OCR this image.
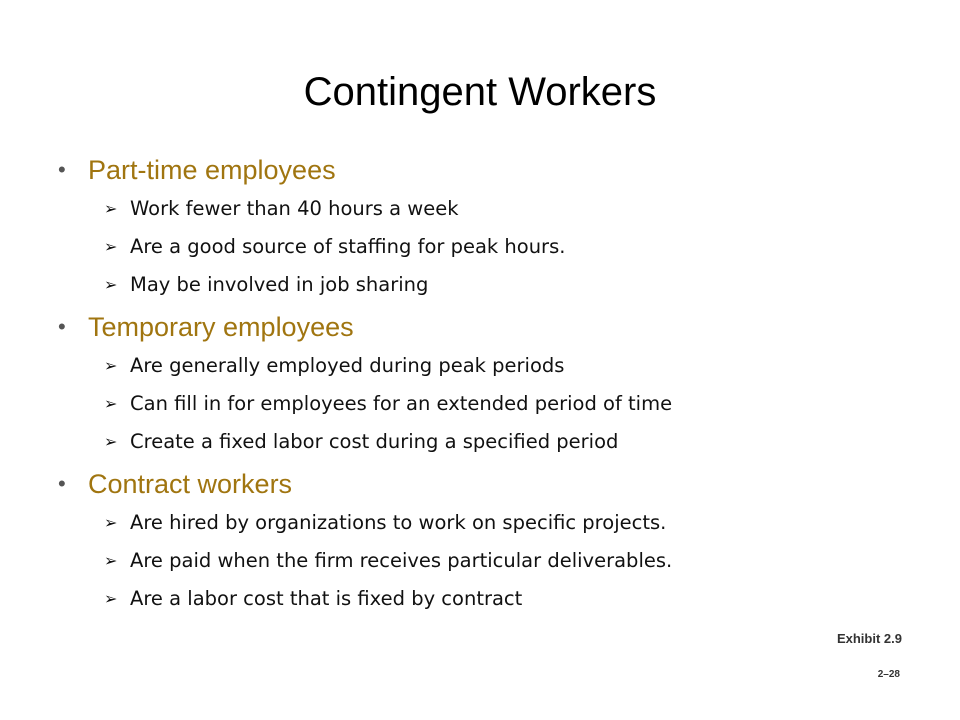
Contingent Workers
• Part-time employees
➢ Work fewer than 40 hours a week
➢ Are a good source of staffing for peak hours.
➢ May be involved in job sharing
• Temporary employees
➢ Are generally employed during peak periods
➢ Can fill in for employees for an extended period of time
➢ Create a fixed labor cost during a specified period
• Contract workers
➢ Are hired by organizations to work on specific projects.
➢ Are paid when the firm receives particular deliverables.
➢ Are a labor cost that is fixed by contract
Exhibit 2.9
2–28
